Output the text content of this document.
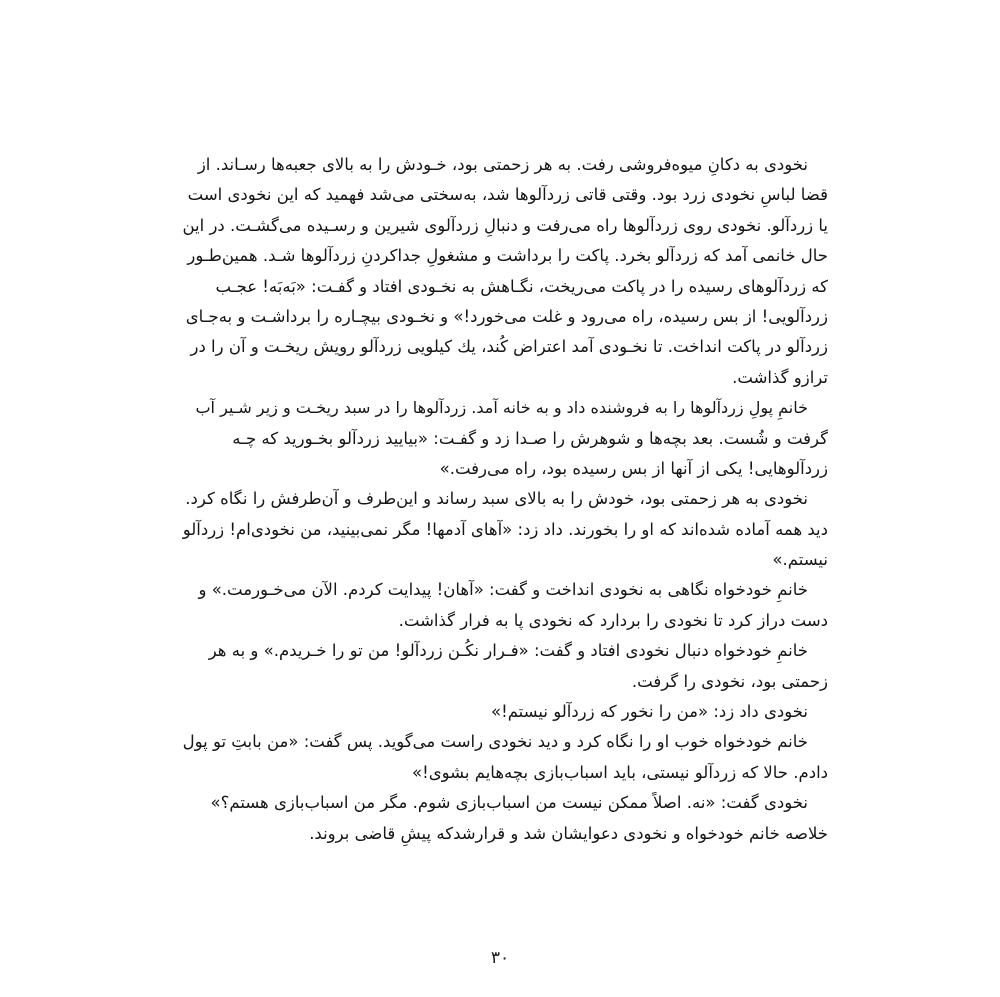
نخودی به دکانِ میوه‌فروشی رفت. به هر زحمتی بود، خـودش را به بالای جعبه‌ها رسـاند. از
قضا لباسِ نخودی زرد بود. وقتی قاتی زردآلوها شد، به‌سختی می‌شد فهمید که این نخودی است
یا زردآلو. نخودی روی زردآلوها راه می‌رفت و دنبالِ زردآلوی شیرین و رسـیده می‌گشـت. در این
حال خانمی آمد که زردآلو بخرد. پاکت را برداشت و مشغولِ جداکردنِ زردآلوها شـد. همین‌طـور
که زردآلوهای رسیده را در پاکت می‌ریخت، نگـاهش به نخـودی افتاد و گفـت: «بَه‌بَه! عجـب
زردآلویی! از بس رسیده، راه می‌رود و غلت می‌خورد!» و نخـودی بیچـاره را برداشـت و به‌جـای
زردآلو در پاکت انداخت. تا نخـودی آمد اعتراض کُند، یك کیلویی زردآلو رویش ریخـت و آن را در
ترازو گذاشت.
خانمِ پولِ زردآلوها را به فروشنده داد و به خانه آمد. زردآلوها را در سبد ریخـت و زیر شـیر آب
گرفت و شُست. بعد بچه‌ها و شوهرش را صـدا زد و گفـت: «بیایید زردآلو بخـورید که چـه
زردآلوهایی! یکی از آنها از بس رسیده بود، راه می‌رفت.»
نخودی به هر زحمتی بود، خودش را به بالای سبد رساند و این‌طرف و آن‌طرفش را نگاه کرد.
دید همه آماده شده‌اند که او را بخورند. داد زد: «آهای آدمها! مگر نمی‌بینید، من نخودی‌ام! زردآلو
نیستم.»
خانمِ خودخواه نگاهی به نخودی انداخت و گفت: «آهان! پیدایت کردم. الآن می‌خـورمت.» و
دست دراز کرد تا نخودی را بردارد که نخودی پا به فرار گذاشت.
خانمِ خودخواه دنبال نخودی افتاد و گفت: «فـرار نکُـن زردآلو! من تو را خـریدم.» و به هر
زحمتی بود، نخودی را گرفت.
نخودی داد زد: «من را نخور که زردآلو نیستم!»
خانم خودخواه خوب او را نگاه کرد و دید نخودی راست می‌گوید. پس گفت: «من بابتِ تو پول
دادم. حالا که زردآلو نیستی، باید اسباب‌بازی بچه‌هایم بشوی!»
نخودی گفت: «نه. اصلاً ممکن نیست من اسباب‌بازی شوم. مگر من اسباب‌بازی هستم؟»
خلاصه خانم خودخواه و نخودی دعوایشان شد و قرارشدکه پیشِ قاضی بروند.
۳۰
